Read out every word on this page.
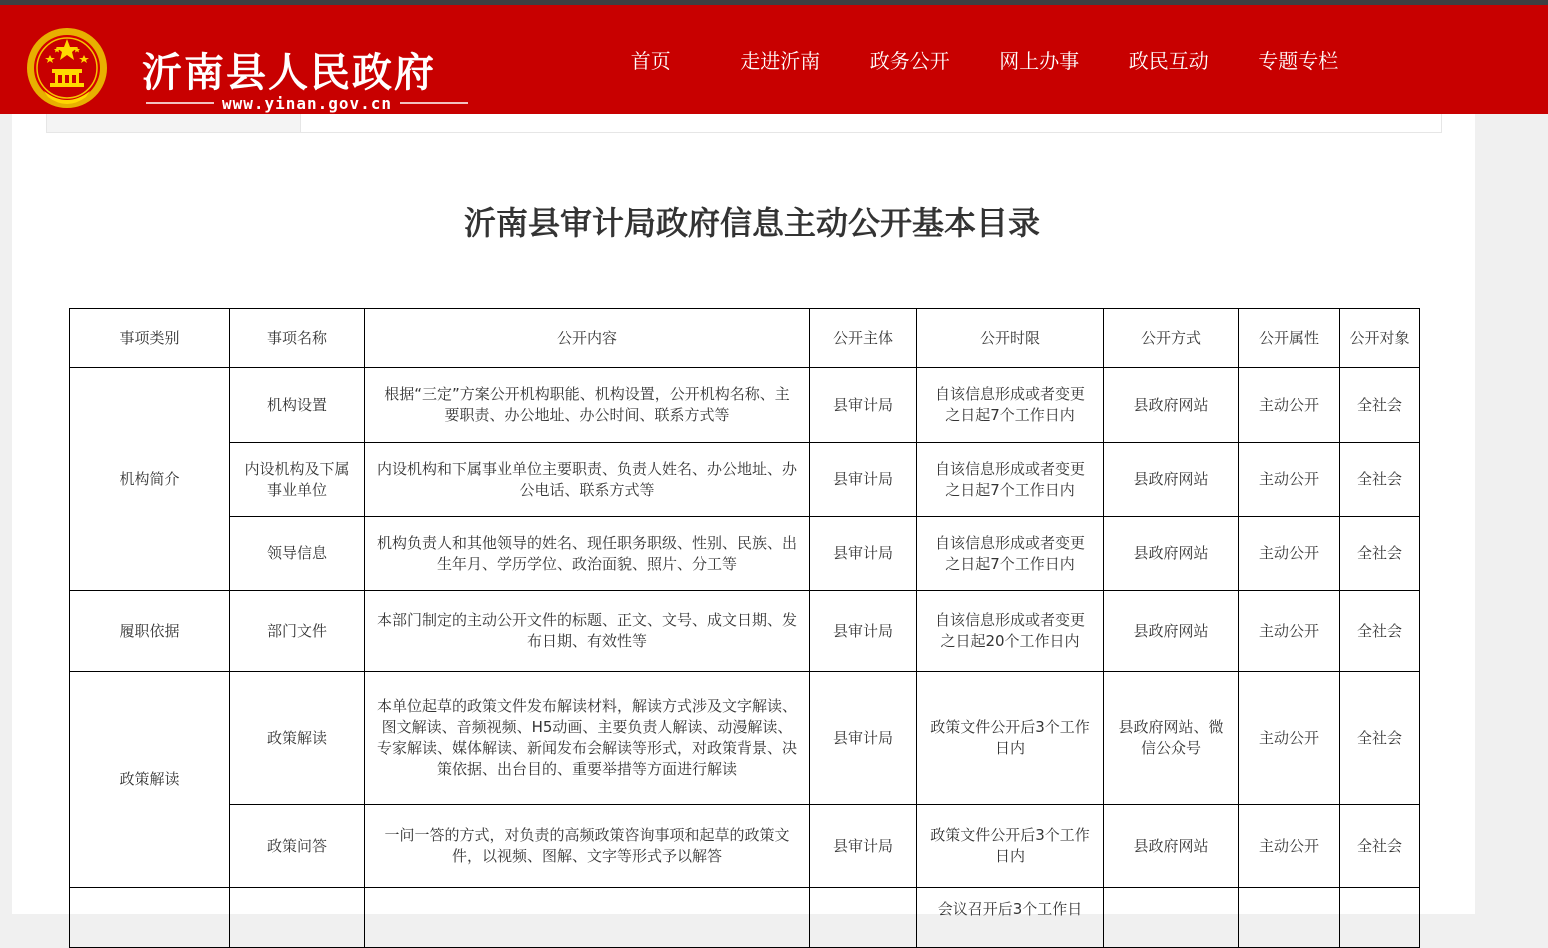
沂南县人民政府
www.yinan.gov.cn
首页	走进沂南	政务公开	网上办事	政民互动	专题专栏
沂南县审计局政府信息主动公开基本目录
事项类别	事项名称	公开内容	公开主体	公开时限	公开方式	公开属性	公开对象
机构简介	机构设置	根据“三定”方案公开机构职能、机构设置，公开机构名称、主要职责、办公地址、办公时间、联系方式等	县审计局	自该信息形成或者变更之日起7个工作日内	县政府网站	主动公开	全社会
	内设机构及下属事业单位	内设机构和下属事业单位主要职责、负责人姓名、办公地址、办公电话、联系方式等	县审计局	自该信息形成或者变更之日起7个工作日内	县政府网站	主动公开	全社会
	领导信息	机构负责人和其他领导的姓名、现任职务职级、性别、民族、出生年月、学历学位、政治面貌、照片、分工等	县审计局	自该信息形成或者变更之日起7个工作日内	县政府网站	主动公开	全社会
履职依据	部门文件	本部门制定的主动公开文件的标题、正文、文号、成文日期、发布日期、有效性等	县审计局	自该信息形成或者变更之日起20个工作日内	县政府网站	主动公开	全社会
政策解读	政策解读	本单位起草的政策文件发布解读材料，解读方式涉及文字解读、图文解读、音频视频、H5动画、主要负责人解读、动漫解读、专家解读、媒体解读、新闻发布会解读等形式，对政策背景、决策依据、出台目的、重要举措等方面进行解读	县审计局	政策文件公开后3个工作日内	县政府网站、微信公众号	主动公开	全社会
	政策问答	一问一答的方式，对负责的高频政策咨询事项和起草的政策文件，以视频、图解、文字等形式予以解答	县审计局	政策文件公开后3个工作日内	县政府网站	主动公开	全社会
				会议召开后3个工作日			
